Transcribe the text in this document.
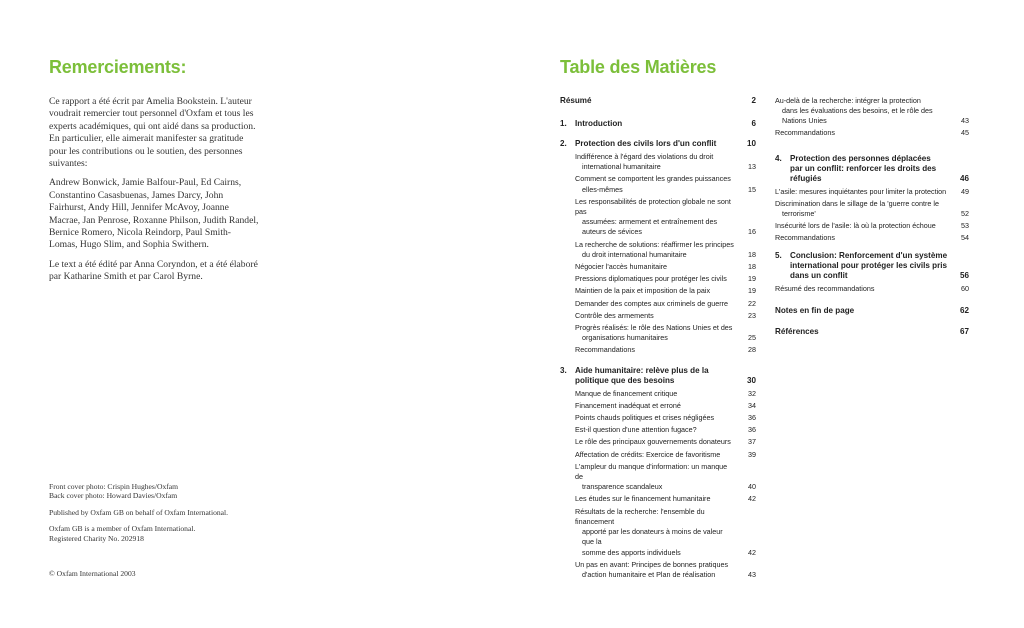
Remerciements:

Ce rapport a été écrit par Amelia Bookstein. L'auteur voudrait remercier tout personnel d'Oxfam et tous les experts académiques, qui ont aidé dans sa production. En particulier, elle aimerait manifester sa gratitude pour les contributions ou le soutien, des personnes suivantes:

Andrew Bonwick, Jamie Balfour-Paul, Ed Cairns, Constantino Casasbuenas, James Darcy, John Fairhurst, Andy Hill, Jennifer McAvoy, Joanne Macrae, Jan Penrose, Roxanne Philson, Judith Randel, Bernice Romero, Nicola Reindorp, Paul Smith-Lomas, Hugo Slim, and Sophia Swithern.

Le text a été édité par Anna Coryndon, et a été élaboré par Katharine Smith et par Carol Byrne.

Front cover photo: Crispin Hughes/Oxfam
Back cover photo: Howard Davies/Oxfam

Published by Oxfam GB on behalf of Oxfam International.

Oxfam GB is a member of Oxfam International.
Registered Charity No. 202918

© Oxfam International 2003
Table des Matières
Résumé	2
1.	Introduction	6
2.	Protection des civils lors d'un conflit	10
Indifférence à l'égard des violations du droit
international humanitaire	13
Comment se comportent les grandes puissances
elles-mêmes	15
Les responsabilités de protection globale ne sont pas
assumées: armement et entraînement des
auteurs de sévices	16
La recherche de solutions: réaffirmer les principes
du droit international humanitaire	18
Négocier l'accès humanitaire	18
Pressions diplomatiques pour protéger les civils	19
Maintien de la paix et imposition de la paix	19
Demander des comptes aux criminels de guerre	22
Contrôle des armements	23
Progrès réalisés: le rôle des Nations Unies et des
organisations humanitaires	25
Recommandations	28
3.	Aide humanitaire: relève plus de la
politique que des besoins	30
Manque de financement critique	32
Financement inadéquat et erroné	34
Points chauds politiques et crises négligées	36
Est-il question d'une attention fugace?	36
Le rôle des principaux gouvernements donateurs	37
Affectation de crédits: Exercice de favoritisme	39
L'ampleur du manque d'information: un manque de
transparence scandaleux	40
Les études sur le financement humanitaire	42
Résultats de la recherche: l'ensemble du financement
apporté par les donateurs à moins de valeur que la
somme des apports individuels	42
Un pas en avant: Principes de bonnes pratiques
d'action humanitaire et Plan de réalisation	43
Au-delà de la recherche: intégrer la protection
dans les évaluations des besoins, et le rôle des
Nations Unies	43
Recommandations	45
4.	Protection des personnes déplacées
par un conflit: renforcer les droits des
réfugiés	46
L'asile: mesures inquiétantes pour limiter la protection 49
Discrimination dans le sillage de la 'guerre contre le
terrorisme'	52
Insécurité lors de l'asile: là où la protection échoue	53
Recommandations	54
5.	Conclusion: Renforcement d'un système
international pour protéger les civils pris
dans un conflit	56
Résumé des recommandations	60
Notes en fin de page	62
Références	67
